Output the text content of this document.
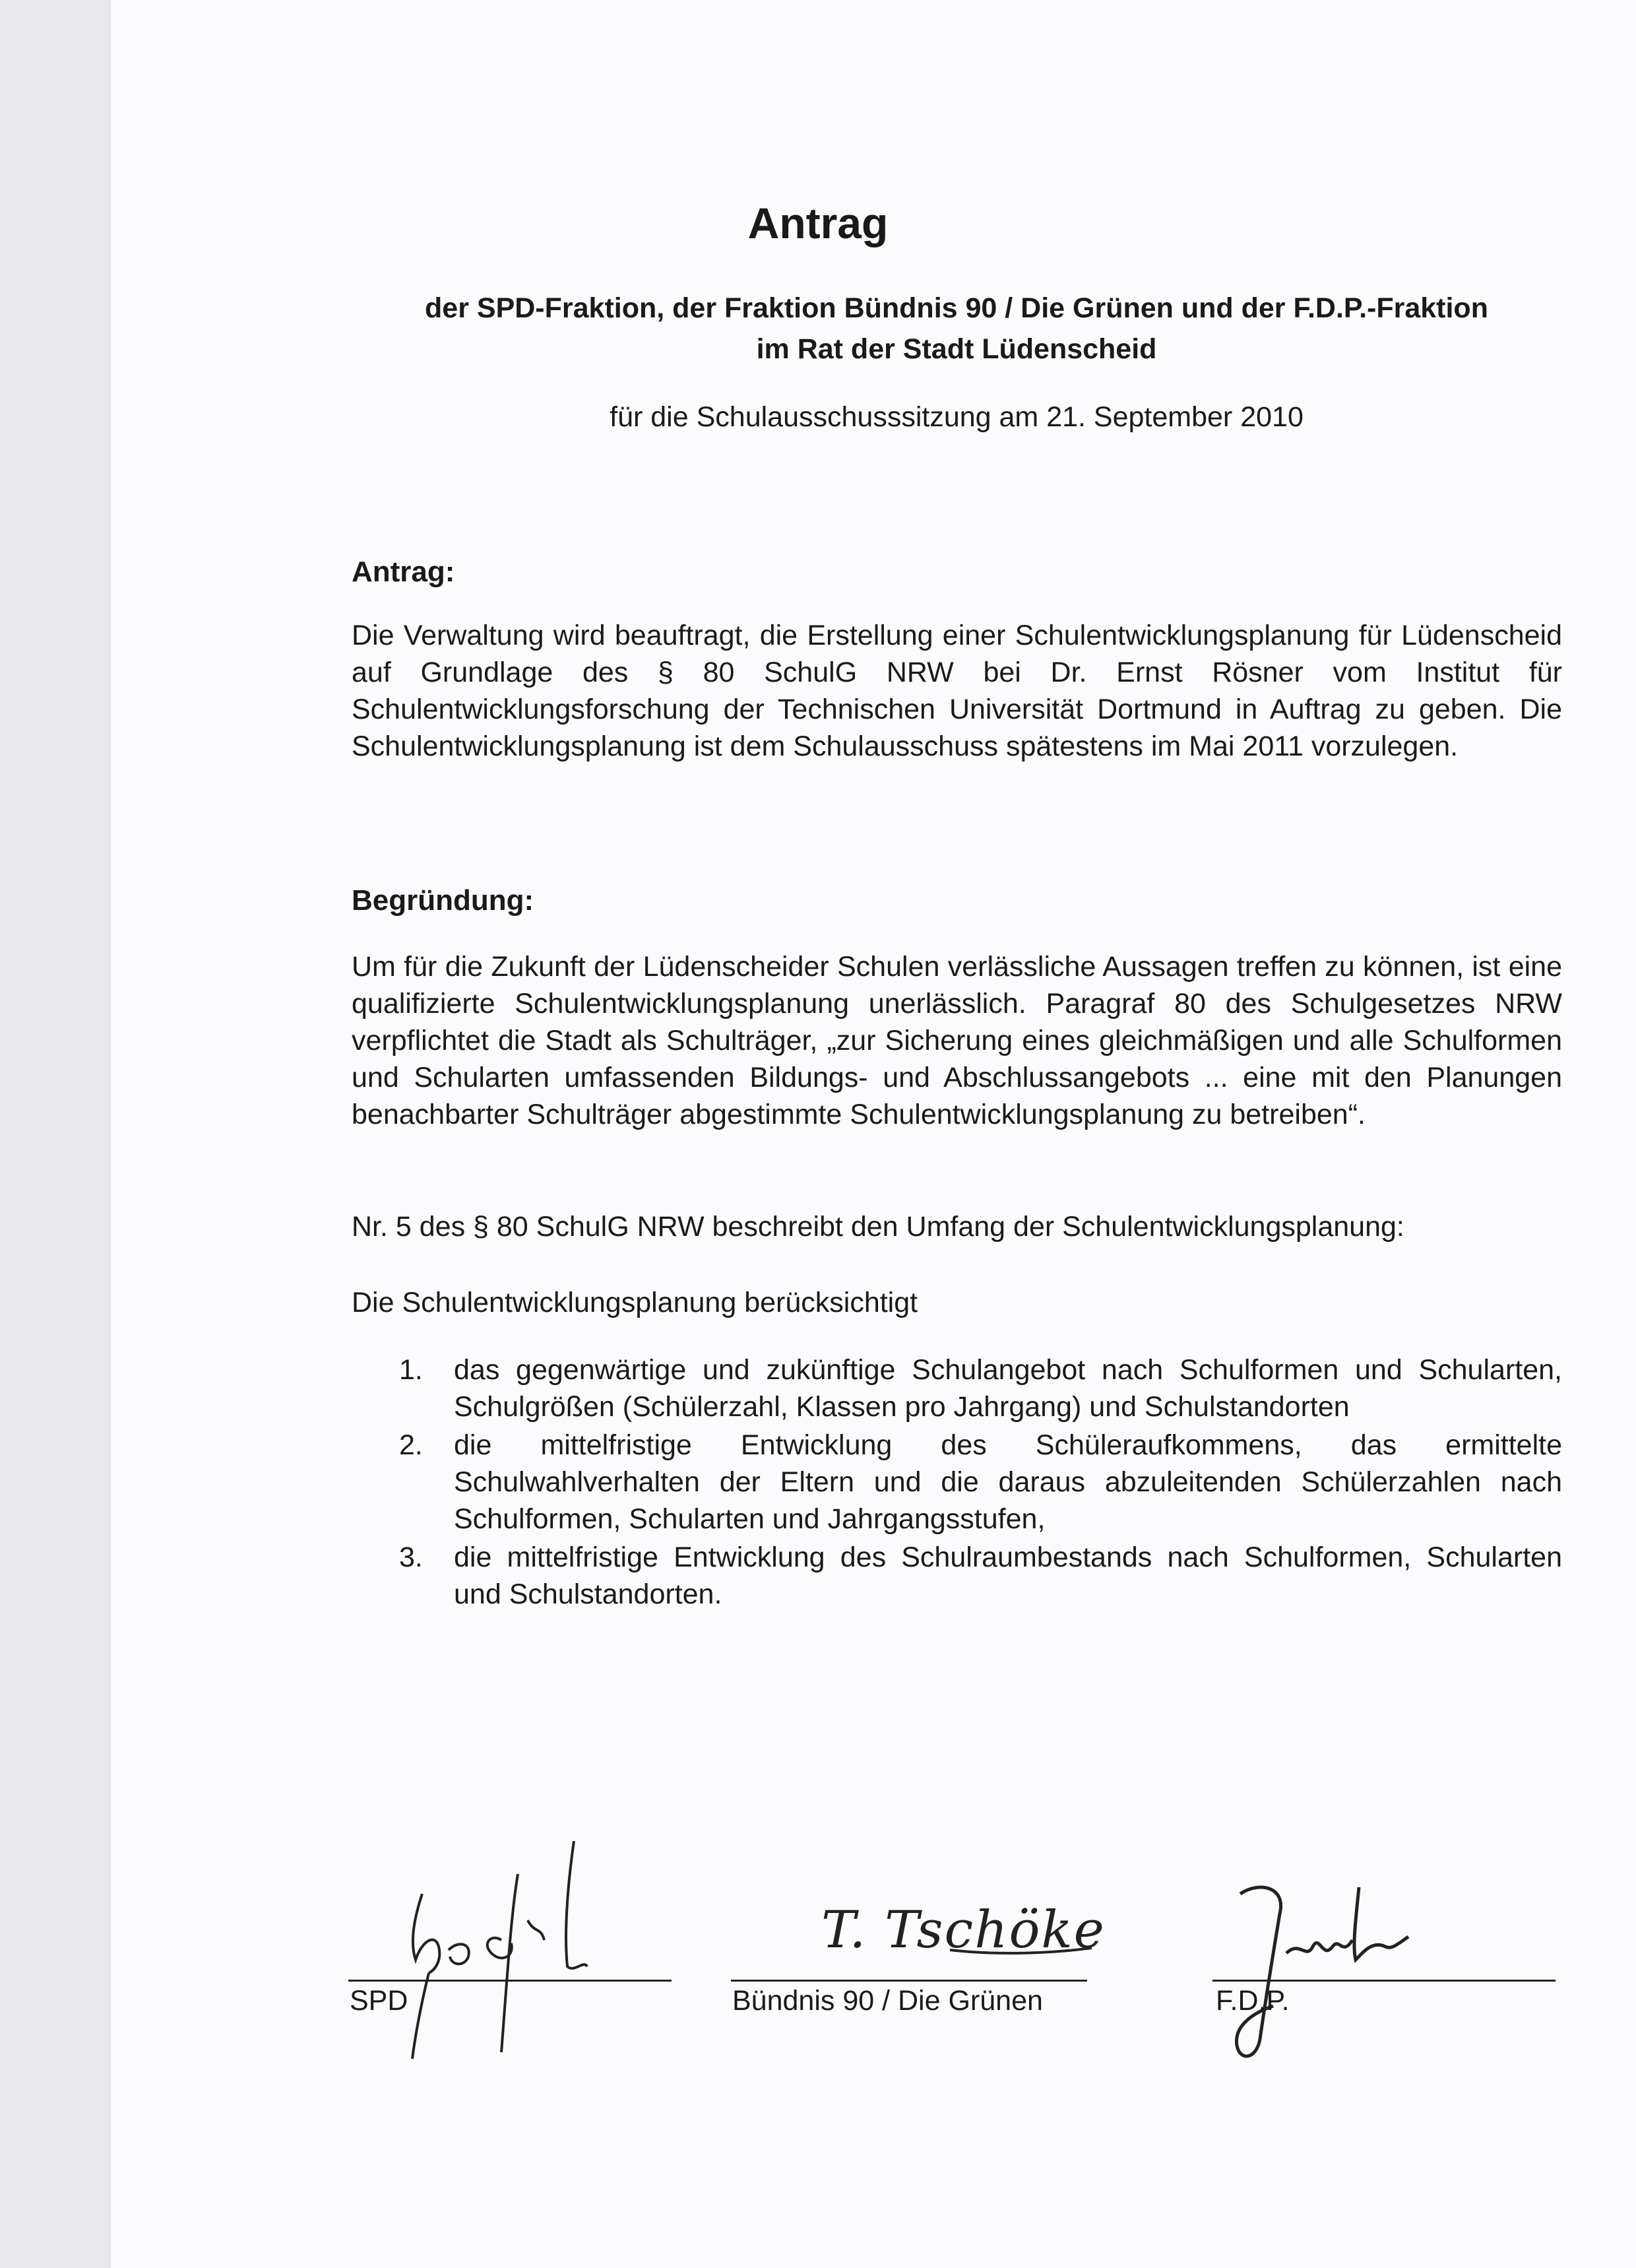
Antrag
der SPD-Fraktion, der Fraktion Bündnis 90 / Die Grünen und der F.D.P.-Fraktion
im Rat der Stadt Lüdenscheid
für die Schulausschusssitzung am 21. September 2010
Antrag:
Die Verwaltung wird beauftragt, die Erstellung einer Schulentwicklungsplanung für Lüdenscheid auf Grundlage des § 80 SchulG NRW bei Dr. Ernst Rösner vom Institut für Schulentwicklungsforschung der Technischen Universität Dortmund in Auftrag zu geben. Die Schulentwicklungsplanung ist dem Schulausschuss spätestens im Mai 2011 vorzulegen.
Begründung:
Um für die Zukunft der Lüdenscheider Schulen verlässliche Aussagen treffen zu können, ist eine qualifizierte Schulentwicklungsplanung unerlässlich. Paragraf 80 des Schulgesetzes NRW verpflichtet die Stadt als Schulträger, „zur Sicherung eines gleichmäßigen und alle Schulformen und Schularten umfassenden Bildungs- und Abschlussangebots ... eine mit den Planungen benachbarter Schulträger abgestimmte Schulentwicklungsplanung zu betreiben“.
Nr. 5 des § 80 SchulG NRW beschreibt den Umfang der Schulentwicklungsplanung:
Die Schulentwicklungsplanung berücksichtigt
1. das gegenwärtige und zukünftige Schulangebot nach Schulformen und Schularten, Schulgrößen (Schülerzahl, Klassen pro Jahrgang) und Schulstandorten
2. die mittelfristige Entwicklung des Schüleraufkommens, das ermittelte Schulwahlverhalten der Eltern und die daraus abzuleitenden Schülerzahlen nach Schulformen, Schularten und Jahrgangsstufen,
3. die mittelfristige Entwicklung des Schulraumbestands nach Schulformen, Schularten und Schulstandorten.
SPD
T. Tschöke
Bündnis 90 / Die Grünen	F.D.P.
